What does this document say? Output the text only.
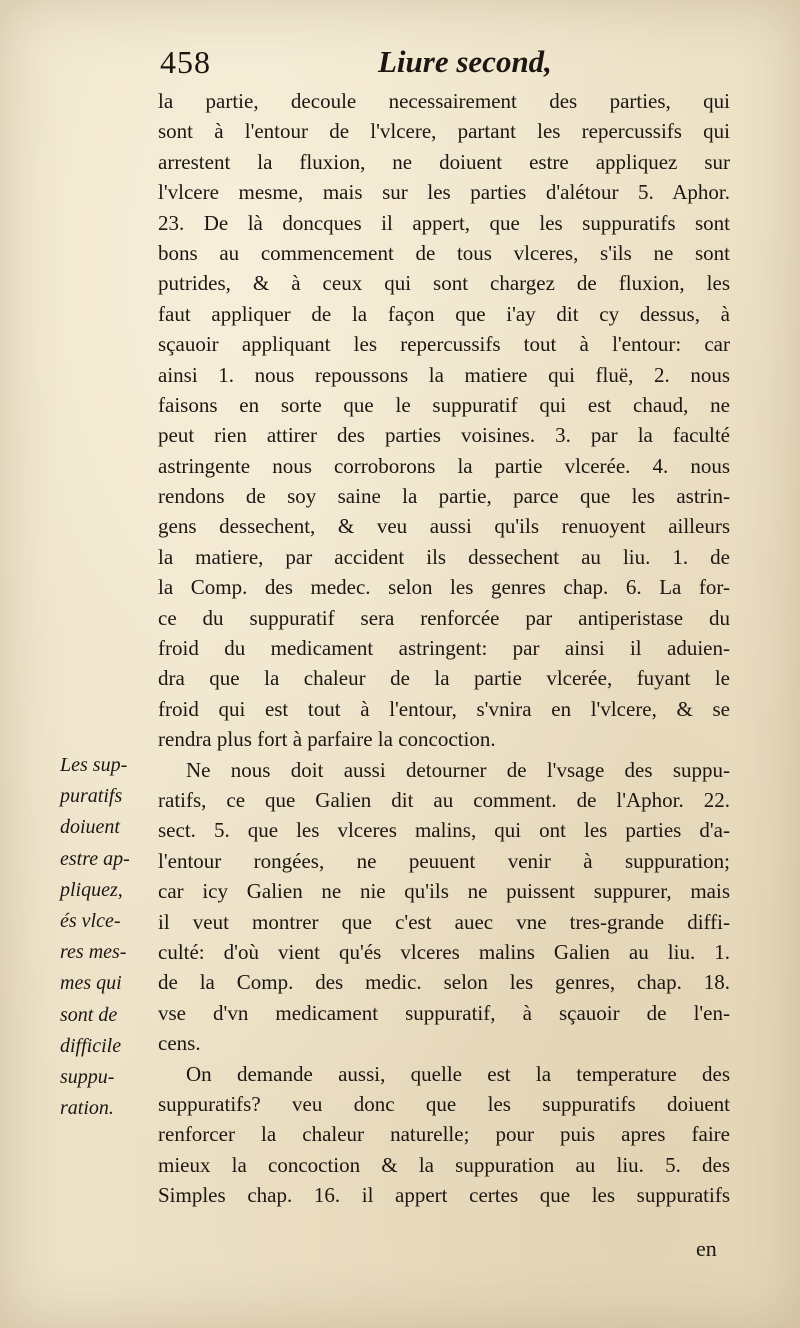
458	Liure second,
la partie, decoule necessairement des parties, qui
sont à l'entour de l'vlcere, partant les repercussifs qui
arrestent la fluxion, ne doiuent estre appliquez sur
l'vlcere mesme, mais sur les parties d'alétour 5. Aphor.
23. De là doncques il appert, que les suppuratifs sont
bons au commencement de tous vlceres, s'ils ne sont
putrides, & à ceux qui sont chargez de fluxion, les
faut appliquer de la façon que i'ay dit cy dessus, à
sçauoir appliquant les repercussifs tout à l'entour: car
ainsi 1. nous repoussons la matiere qui fluë, 2. nous
faisons en sorte que le suppuratif qui est chaud, ne
peut rien attirer des parties voisines. 3. par la faculté
astringente nous corroborons la partie vlcerée. 4. nous
rendons de soy saine la partie, parce que les astrin-
gens dessechent, & veu aussi qu'ils renuoyent ailleurs
la matiere, par accident ils dessechent au liu. 1. de
la Comp. des medec. selon les genres chap. 6. La for-
ce du suppuratif sera renforcée par antiperistase du
froid du medicament astringent: par ainsi il aduien-
dra que la chaleur de la partie vlcerée, fuyant le
froid qui est tout à l'entour, s'vnira en l'vlcere, & se
rendra plus fort à parfaire la concoction.
Ne nous doit aussi detourner de l'vsage des suppu-
ratifs, ce que Galien dit au comment. de l'Aphor. 22.
sect. 5. que les vlceres malins, qui ont les parties d'a-
l'entour rongées, ne peuuent venir à suppuration;
car icy Galien ne nie qu'ils ne puissent suppurer, mais
il veut montrer que c'est auec vne tres-grande diffi-
culté: d'où vient qu'és vlceres malins Galien au liu. 1.
de la Comp. des medic. selon les genres, chap. 18.
vse d'vn medicament suppuratif, à sçauoir de l'en-
cens.
On demande aussi, quelle est la temperature des
suppuratifs? veu donc que les suppuratifs doiuent
renforcer la chaleur naturelle; pour puis apres faire
mieux la concoction & la suppuration au liu. 5. des
Simples chap. 16. il appert certes que les suppuratifs
en
Les sup-
puratifs
doiuent
estre ap-
pliquez,
és vlce-
res mes-
mes qui
sont de
difficile
suppu-
ration.
